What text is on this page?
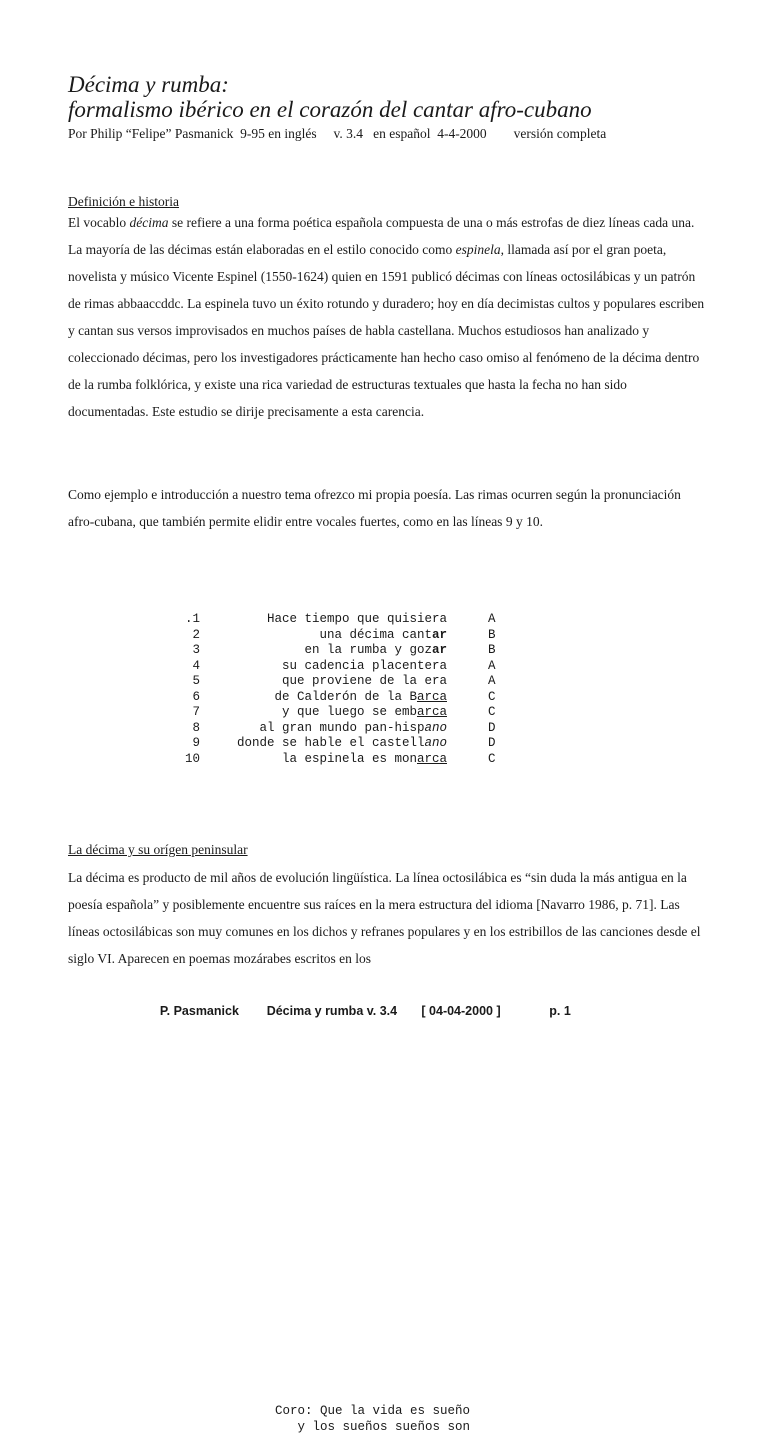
Décima y rumba:
formalismo ibérico en el corazón del cantar afro-cubano
Por Philip “Felipe” Pasmanick  9-95 en inglés     v. 3.4   en español  4-4-2000        versión completa
Definición e historia

El vocablo décima se refiere a una forma poética española compuesta de una o más estrofas de diez líneas cada una. La mayoría de las décimas están elaboradas en el estilo conocido como espinela, llamada así por el gran poeta, novelista y músico Vicente Espinel (1550-1624) quien en 1591 publicó décimas con líneas octosilábicas y un patrón de rimas abbaaccddc. La espinela tuvo un éxito rotundo y duradero; hoy en día decimistas cultos y populares escriben y cantan sus versos improvisados en muchos países de habla castellana. Muchos estudiosos han analizado y coleccionado décimas, pero los investigadores prácticamente han hecho caso omiso al fenómeno de la décima dentro de la rumba folklórica, y existe una rica variedad de estructuras textuales que hasta la fecha no han sido documentadas. Este estudio se dirije precisamente a esta carencia.

Como ejemplo e introducción a nuestro tema ofrezco mi propia poesía. Las rimas ocurren según la pronunciación afro-cubana, que también permite elidir entre vocales fuertes, como en las líneas 9 y 10.

.1	Hace tiempo que quisiera	A
2	una décima cantar	B
3	en la rumba y gozar	B
4	su cadencia placentera	A
5	que proviene de la era	A
6	de Calderón de la Barca	C
7	y que luego se embarca	C
8	al gran mundo pan-hispano	D
9	donde se hable el castellano	D
10	la espinela es monarca	C
Coro: Que la vida es sueño
y los sueños sueños son
La décima y su orígen peninsular

La décima es producto de mil años de evolución lingüística. La línea octosilábica es “sin duda la más antigua en la poesía española” y posiblemente encuentre sus raíces en la mera estructura del idioma [Navarro 1986, p. 71]. Las líneas octosilábicas son muy comunes en los dichos y refranes populares y en los estribillos de las canciones desde el siglo VI. Aparecen en poemas mozárabes escritos en los

P. Pasmanick Décima y rumba v. 3.4 [ 04-04-2000 ]	p. 1
